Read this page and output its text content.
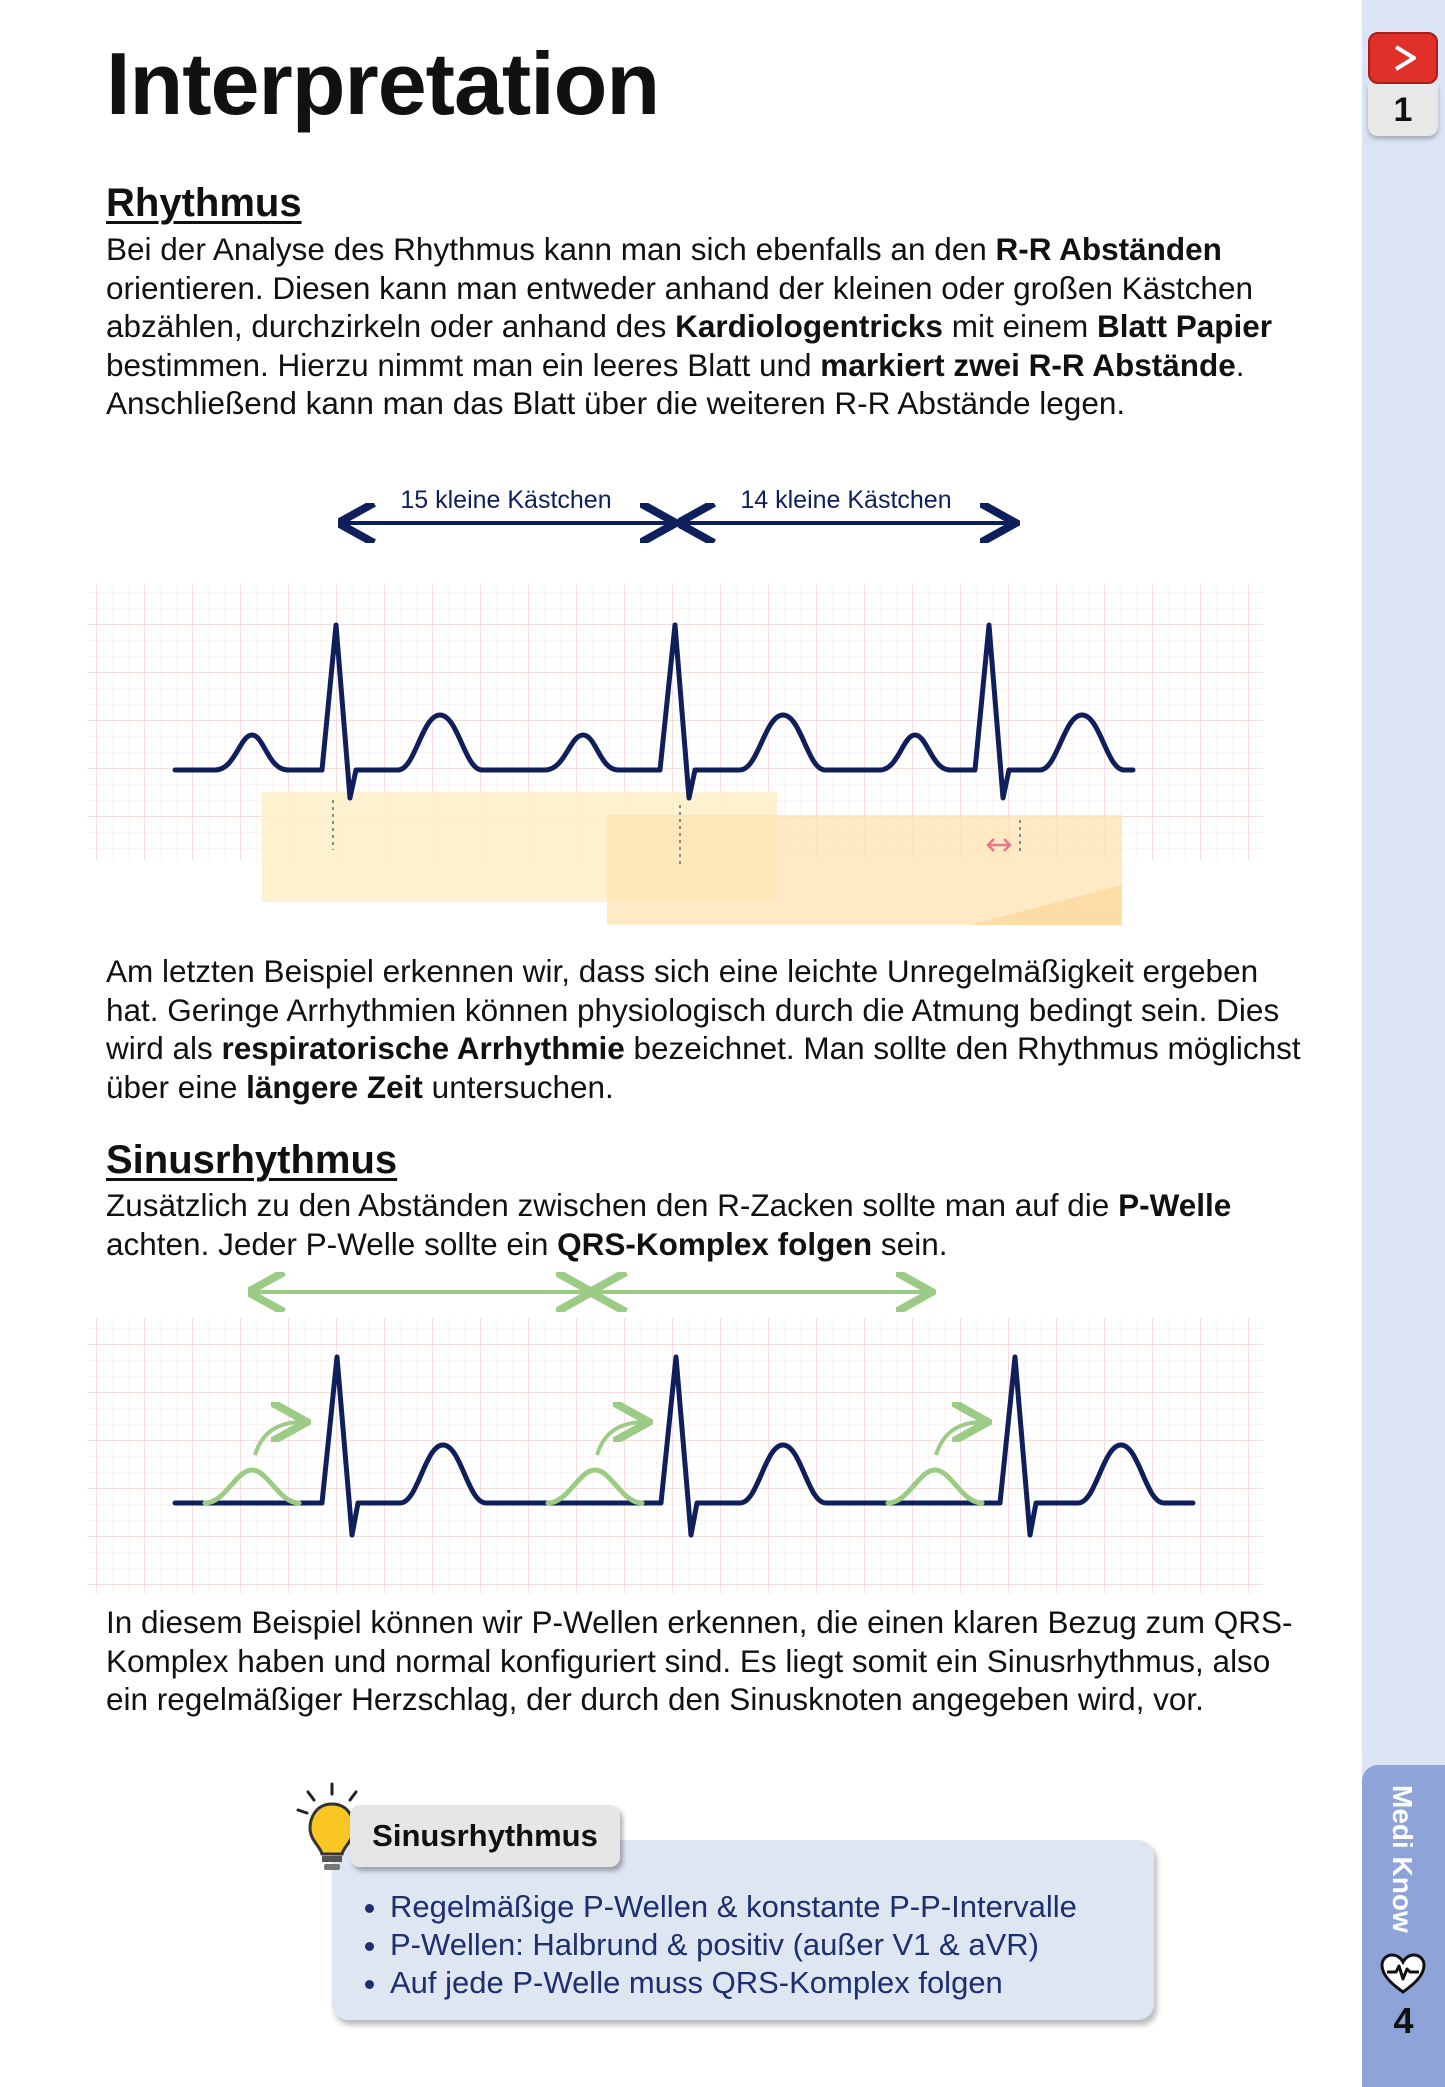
Interpretation
Rhythmus

Bei der Analyse des Rhythmus kann man sich ebenfalls an den R-R Abständen orientieren. Diesen kann man entweder anhand der kleinen oder großen Kästchen abzählen, durchzirkeln oder anhand des Kardiologentricks mit einem Blatt Papier bestimmen. Hierzu nimmt man ein leeres Blatt und markiert zwei R-R Abstände. Anschließend kann man das Blatt über die weiteren R-R Abstände legen.

15 kleine Kästchen	14 kleine Kästchen

Am letzten Beispiel erkennen wir, dass sich eine leichte Unregelmäßigkeit ergeben hat. Geringe Arrhythmien können physiologisch durch die Atmung bedingt sein. Dies wird als respiratorische Arrhythmie bezeichnet. Man sollte den Rhythmus möglichst über eine längere Zeit untersuchen.

Sinusrhythmus

Zusätzlich zu den Abständen zwischen den R-Zacken sollte man auf die P-Welle achten. Jeder P-Welle sollte ein QRS-Komplex folgen sein.

In diesem Beispiel können wir P-Wellen erkennen, die einen klaren Bezug zum QRS-Komplex haben und normal konfiguriert sind. Es liegt somit ein Sinusrhythmus, also ein regelmäßiger Herzschlag, der durch den Sinusknoten angegeben wird, vor.

Sinusrhythmus
• Regelmäßige P-Wellen & konstante P-P-Intervalle
• P-Wellen: Halbrund & positiv (außer V1 & aVR)
• Auf jede P-Welle muss QRS-Komplex folgen
1
Medi Know
4
